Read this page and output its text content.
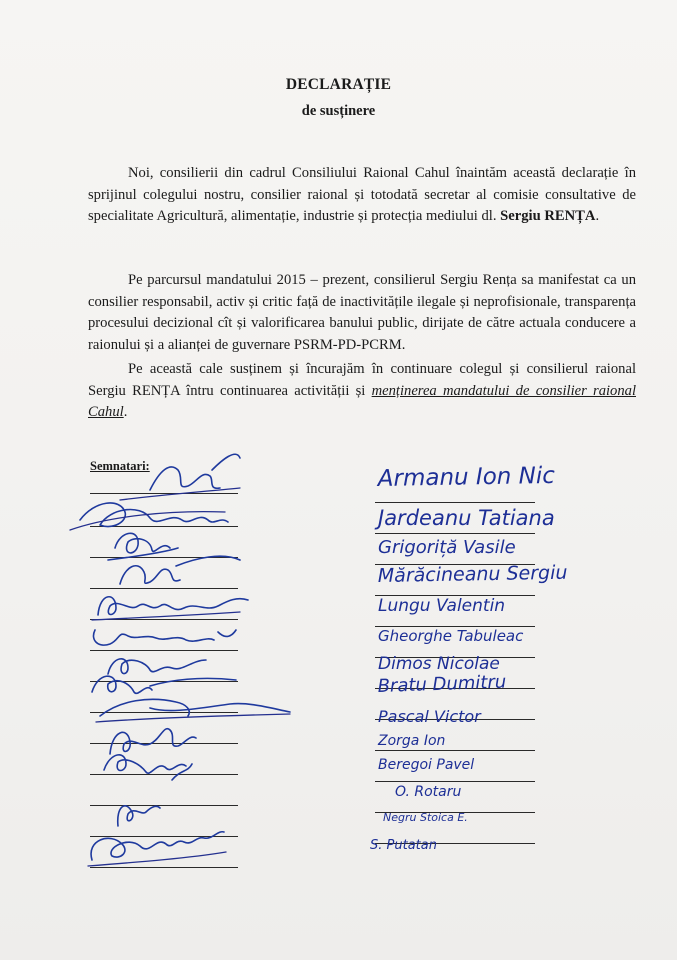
DECLARAȚIE
de susținere

Noi, consilierii din cadrul Consiliului Raional Cahul înaintăm această declarație în sprijinul colegului nostru, consilier raional și totodată secretar al comisie consultative de specialitate Agricultură, alimentație, industrie și protecția mediului dl. Sergiu RENȚA.

Pe parcursul mandatului 2015 – prezent, consilierul Sergiu Rența sa manifestat ca un consilier responsabil, activ și critic față de inactivitățile ilegale și neprofisionale, transparența procesului decizional cît și valorificarea banului public, dirijate de către actuala conducere a raionului și a alianței de guvernare PSRM-PD-PCRM.

Pe această cale susținem și încurajăm în continuare colegul și consilierul raional Sergiu RENȚA întru continuarea activității și menținerea mandatului de consilier raional Cahul.

Semnatari:	Armanu Ion Nic
Jardeanu Tatiana
Grigoriță Vasile
Mărăcineanu Sergiu
Lungu Valentin
Gheorghe Tabuleac
Dimos Nicolae
Bratu Dumitru
Pascal Victor
Zorga Ion
Beregoi Pavel
O. Rotaru
Negru Stoica E.
S. Putatan
